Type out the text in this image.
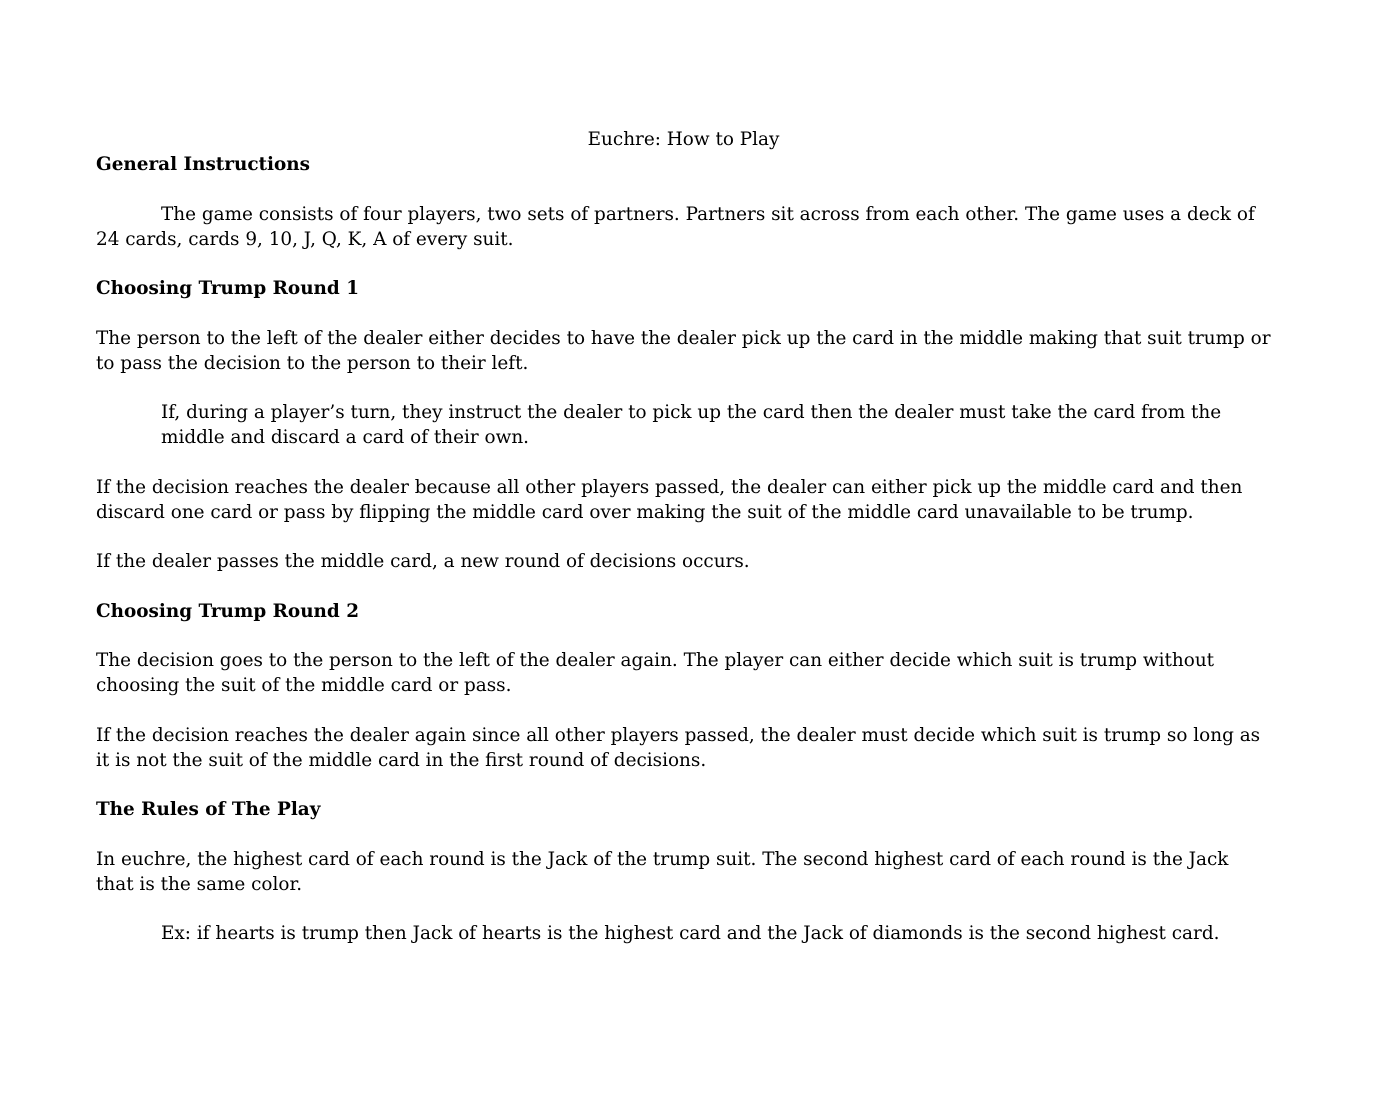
Euchre: How to Play

General Instructions

The game consists of four players, two sets of partners. Partners sit across from each other. The game uses a deck of 24 cards, cards 9, 10, J, Q, K, A of every suit.

Choosing Trump Round 1

The person to the left of the dealer either decides to have the dealer pick up the card in the middle making that suit trump or to pass the decision to the person to their left.

If, during a player’s turn, they instruct the dealer to pick up the card then the dealer must take the card from the middle and discard a card of their own.

If the decision reaches the dealer because all other players passed, the dealer can either pick up the middle card and then discard one card or pass by flipping the middle card over making the suit of the middle card unavailable to be trump.

If the dealer passes the middle card, a new round of decisions occurs.

Choosing Trump Round 2

The decision goes to the person to the left of the dealer again. The player can either decide which suit is trump without choosing the suit of the middle card or pass.

If the decision reaches the dealer again since all other players passed, the dealer must decide which suit is trump so long as it is not the suit of the middle card in the first round of decisions.

The Rules of The Play

In euchre, the highest card of each round is the Jack of the trump suit. The second highest card of each round is the Jack that is the same color.

Ex: if hearts is trump then Jack of hearts is the highest card and the Jack of diamonds is the second highest card.
